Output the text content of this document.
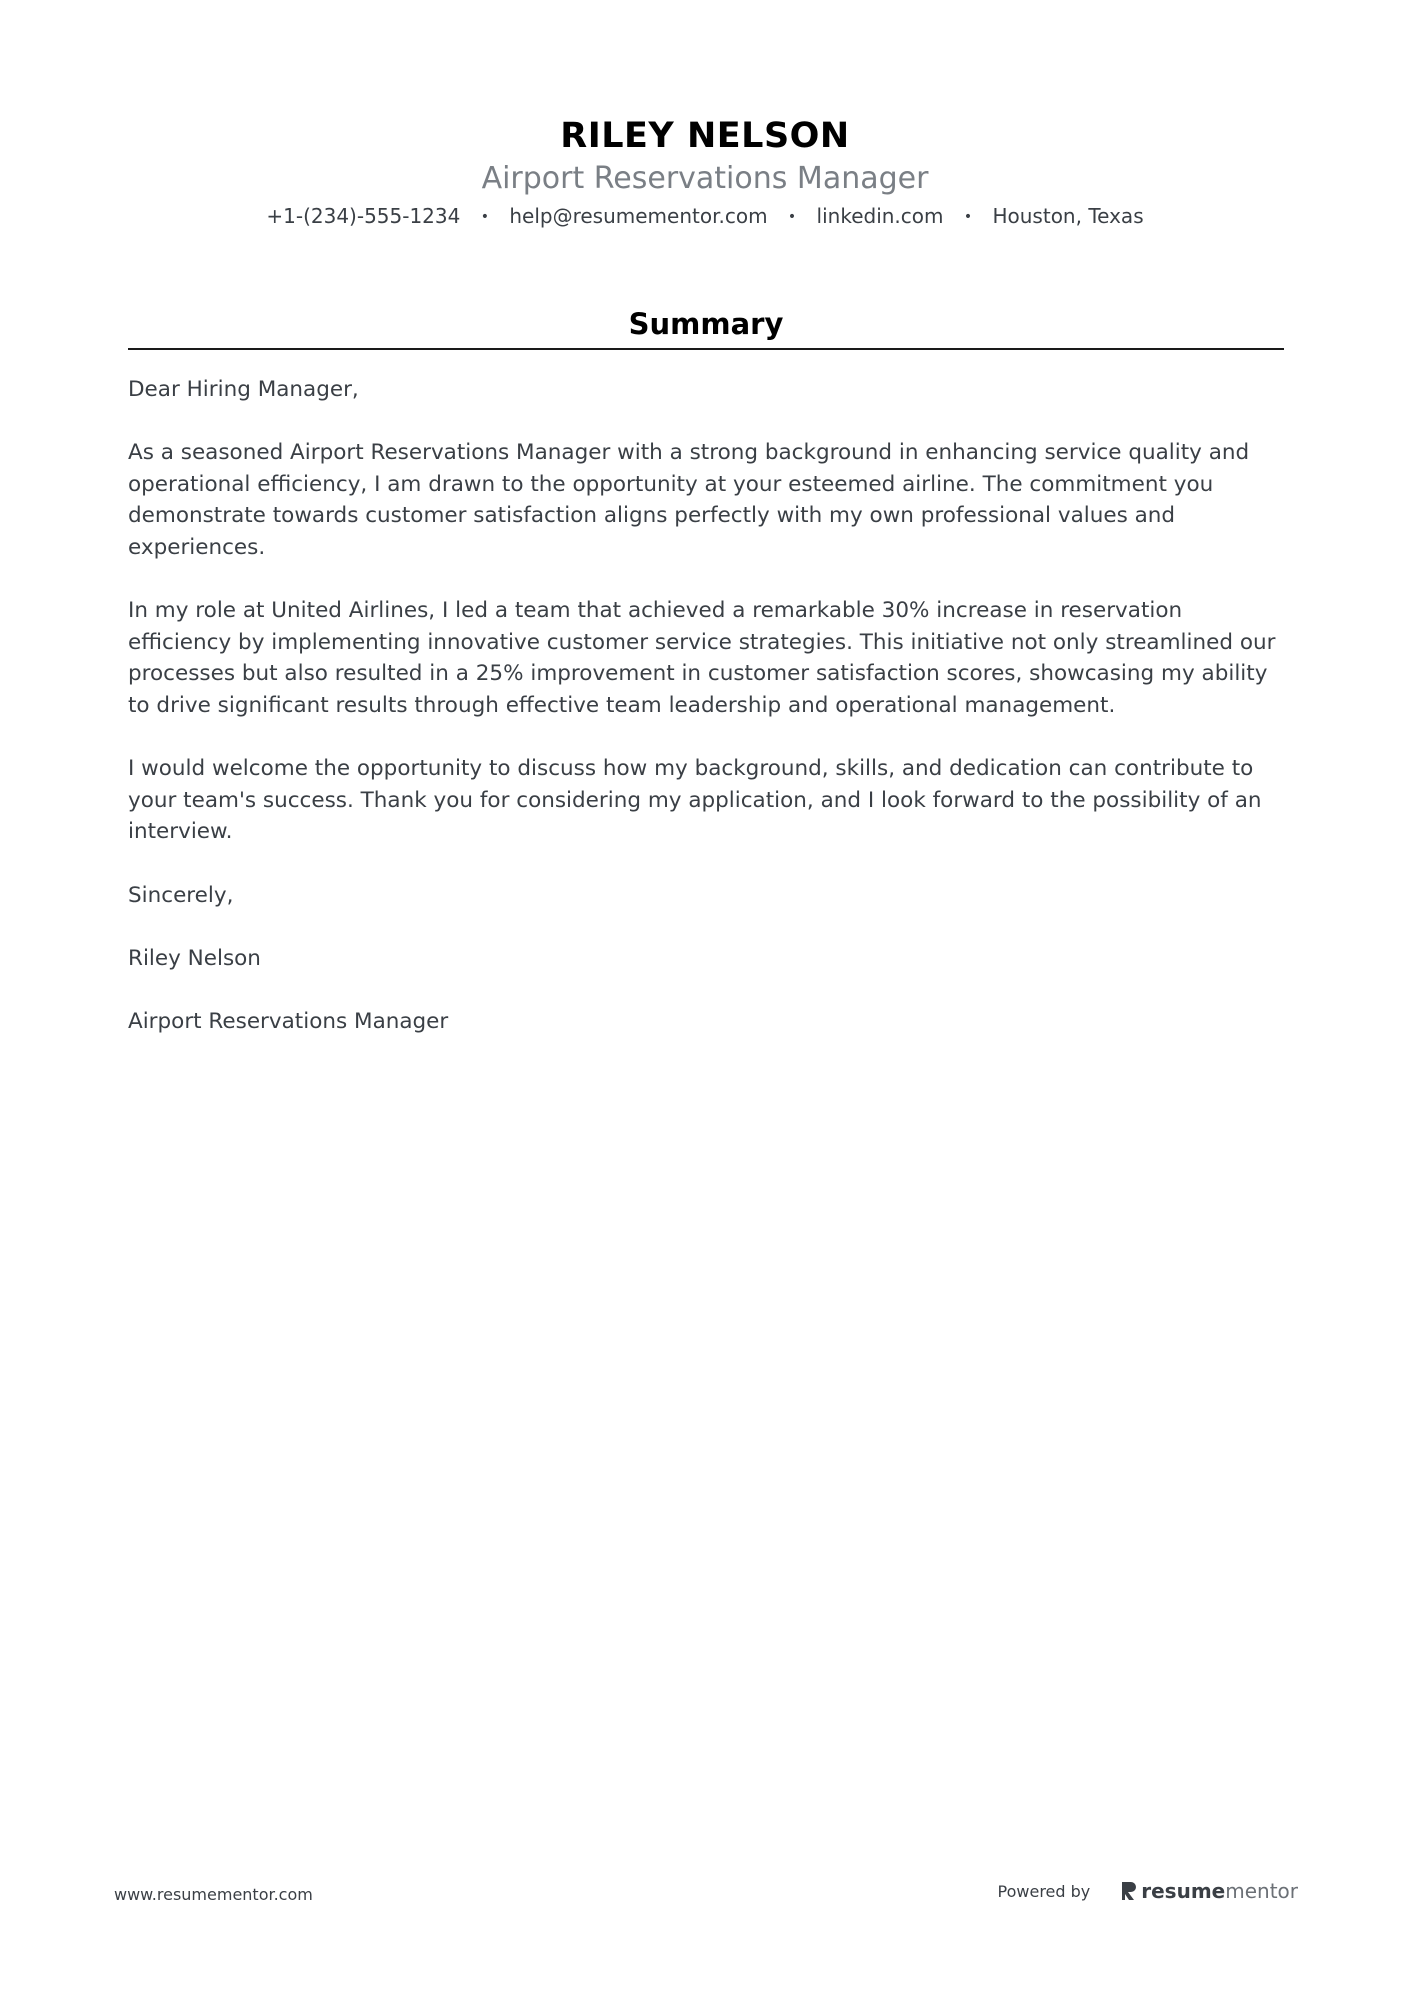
RILEY NELSON
Airport Reservations Manager
+1-(234)-555-1234 • help@resumementor.com • linkedin.com • Houston, Texas
Summary

Dear Hiring Manager,

As a seasoned Airport Reservations Manager with a strong background in enhancing service quality and operational efficiency, I am drawn to the opportunity at your esteemed airline. The commitment you demonstrate towards customer satisfaction aligns perfectly with my own professional values and experiences.

In my role at United Airlines, I led a team that achieved a remarkable 30% increase in reservation efficiency by implementing innovative customer service strategies. This initiative not only streamlined our processes but also resulted in a 25% improvement in customer satisfaction scores, showcasing my ability to drive significant results through effective team leadership and operational management.

I would welcome the opportunity to discuss how my background, skills, and dedication can contribute to your team's success. Thank you for considering my application, and I look forward to the possibility of an interview.

Sincerely,

Riley Nelson

Airport Reservations Manager

www.resumementor.com	Powered by	resume mentor
